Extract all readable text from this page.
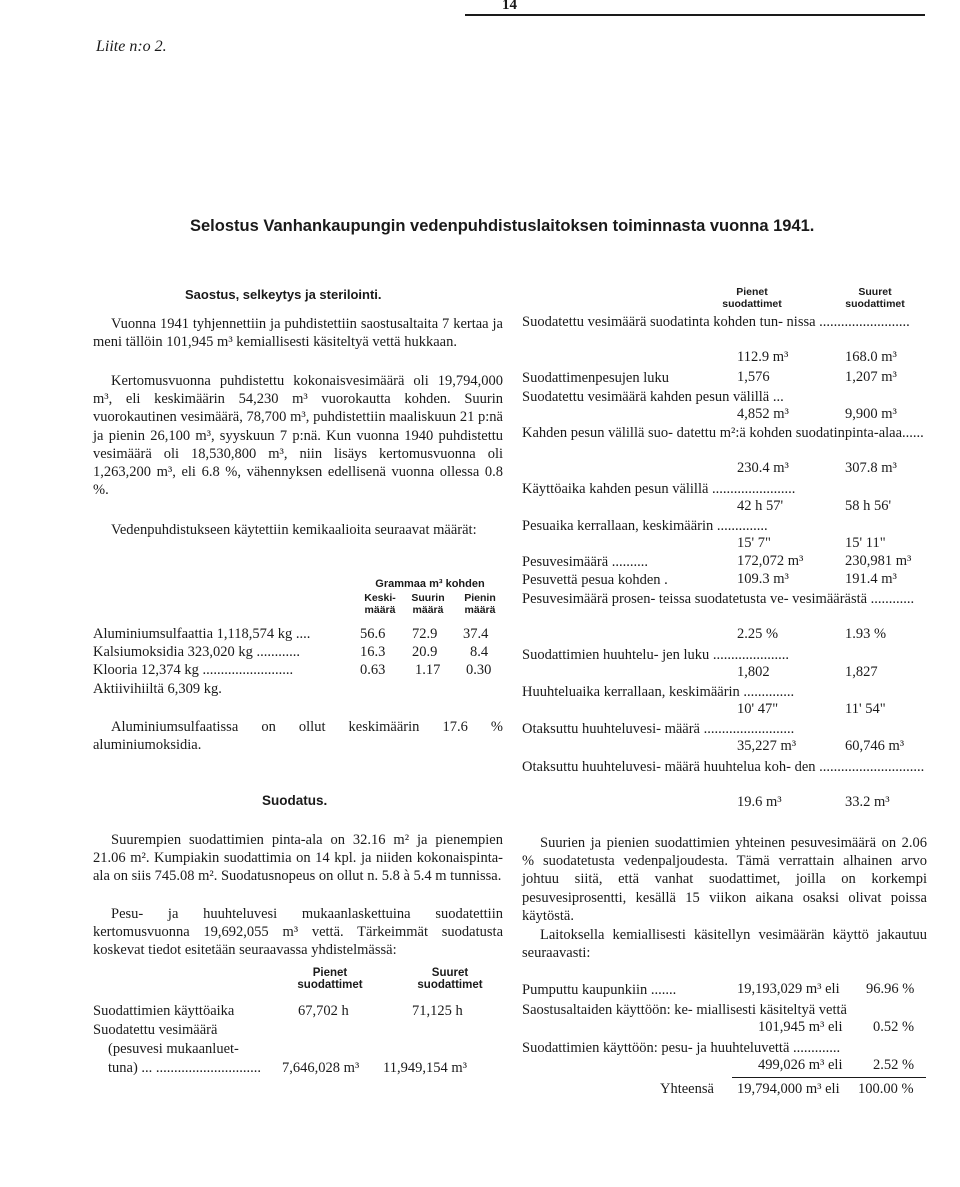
14
Liite n:o 2.
Selostus Vanhankaupungin vedenpuhdistuslaitoksen toiminnasta vuonna 1941.
Saostus, selkeytys ja sterilointi.
Vuonna 1941 tyhjennettiin ja puhdistettiin saostusaltaita 7 kertaa ja meni tällöin 101,945 m³ kemiallisesti käsiteltyä vettä hukkaan.
Kertomusvuonna puhdistettu kokonaisvesimäärä oli 19,794,000 m³, eli keskimäärin 54,230 m³ vuorokautta kohden. Suurin vuorokautinen vesimäärä, 78,700 m³, puhdistettiin maaliskuun 21 p:nä ja pienin 26,100 m³, syyskuun 7 p:nä. Kun vuonna 1940 puhdistettu vesimäärä oli 18,530,800 m³, niin lisäys kertomusvuonna oli 1,263,200 m³, eli 6.8 %, vähennyksen edellisenä vuonna ollessa 0.8 %.
Vedenpuhdistukseen käytettiin kemikaalioita seuraavat määrät:
Grammaa m³ kohden
Keski-
määrä
Suurin
määrä
Pienin
määrä
Aluminiumsulfaattia 1,118,574 kg ....	56.6 72.9 37.4
Kalsiumoksidia 323,020 kg ............	16.3 20.9 8.4
Klooria 12,374 kg .........................	0.63 1.17 0.30
Aktiivihiiltä 6,309 kg.
Aluminiumsulfaatissa on ollut keskimäärin 17.6 % aluminiumoksidia.
Suodatus.
Suurempien suodattimien pinta-ala on 32.16 m² ja pienempien 21.06 m². Kumpiakin suodattimia on 14 kpl. ja niiden kokonaispinta-ala on siis 745.08 m². Suodatusnopeus on ollut n. 5.8 à 5.4 m tunnissa.
Pesu- ja huuhteluvesi mukaanlaskettuina suodatettiin kertomusvuonna 19,692,055 m³ vettä. Tärkeimmät suodatusta koskevat tiedot esitetään seuraavassa yhdistelmässä:
Pienet
suodattimet
Suuret
suodattimet
Suodattimien käyttöaika	67,702 h	71,125 h
Suodatettu vesimäärä
(pesuvesi mukaanluet-
tuna) ... ............................. 7,646,028 m³ 11,949,154 m³
Pienet
suodattimet
Suuret
suodattimet
Suodatettu vesimäärä suodatinta kohden tun- nissa .........................
112.9 m³	168.0 m³
Suodattimenpesujen luku	1,576	1,207 m³
Suodatettu vesimäärä kahden pesun välillä ...
4,852 m³	9,900 m³
Kahden pesun välillä suo- datettu m²:ä kohden suodatinpinta-alaa......
230.4 m³	307.8 m³
Käyttöaika kahden pesun välillä .......................
42 h 57'	58 h 56'
Pesuaika kerrallaan, keskimäärin ..............
15' 7"	15' 11"
Pesuvesimäärä ..........	172,072 m³	230,981 m³
Pesuvettä pesua kohden .	109.3 m³	191.4 m³
Pesuvesimäärä prosen- teissa suodatetusta ve- vesimäärästä ............
2.25 %	1.93 %
Suodattimien huuhtelu- jen luku .....................
1,802	1,827
Huuhteluaika kerrallaan, keskimäärin ..............
10' 47"	11' 54"
Otaksuttu huuhteluvesi- määrä .........................
35,227 m³	60,746 m³
Otaksuttu huuhteluvesi- määrä huuhtelua koh- den .............................
19.6 m³	33.2 m³
Suurien ja pienien suodattimien yhteinen pesuvesimäärä on 2.06 % suodatetusta vedenpaljoudesta. Tämä verrattain alhainen arvo johtuu siitä, että vanhat suodattimet, joilla on korkempi pesuvesiprosentti, kesällä 15 viikon aikana osaksi olivat poissa käytöstä.
Laitoksella kemiallisesti käsitellyn vesimäärän käyttö jakautuu seuraavasti:
Pumputtu kaupunkiin .......	19,193,029 m³ eli 96.96 %
Saostusaltaiden käyttöön: ke- miallisesti käsiteltyä vettä
101,945 m³ eli 0.52 %
Suodattimien käyttöön: pesu- ja huuhteluvettä .............
499,026 m³ eli 2.52 %
Yhteensä 19,794,000 m³ eli 100.00 %
